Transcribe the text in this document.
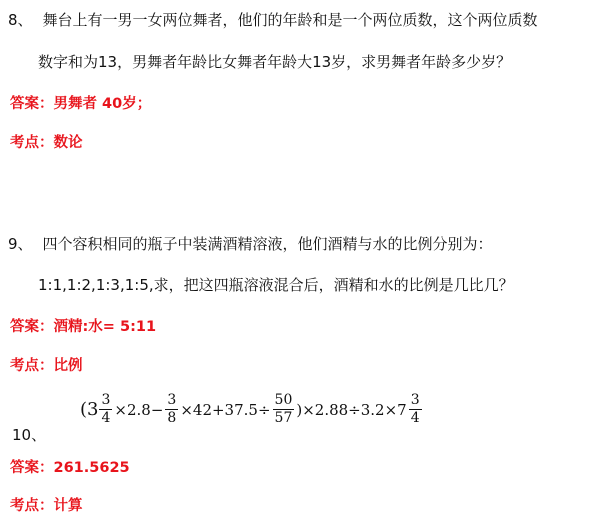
8、 舞台上有一男一女两位舞者，他们的年龄和是一个两位质数，这个两位质数
数字和为13，男舞者年龄比女舞者年龄大13岁，求男舞者年龄多少岁？
答案：男舞者 40岁；
考点：数论
9、 四个容积相同的瓶子中装满酒精溶液，他们酒精与水的比例分别为：
1:1,1:2,1:3,1:5,求，把这四瓶溶液混合后，酒精和水的比例是几比几？
答案：酒精:水= 5:11
考点：比例
$(3 \frac{3}{4} \times 2.8- \frac{3}{8} \times 42+37.5\div \frac{50}{57} )\times 2.88\div 3.2\times 7 \frac{3}{4}$
10、
答案：261.5625
考点：计算
